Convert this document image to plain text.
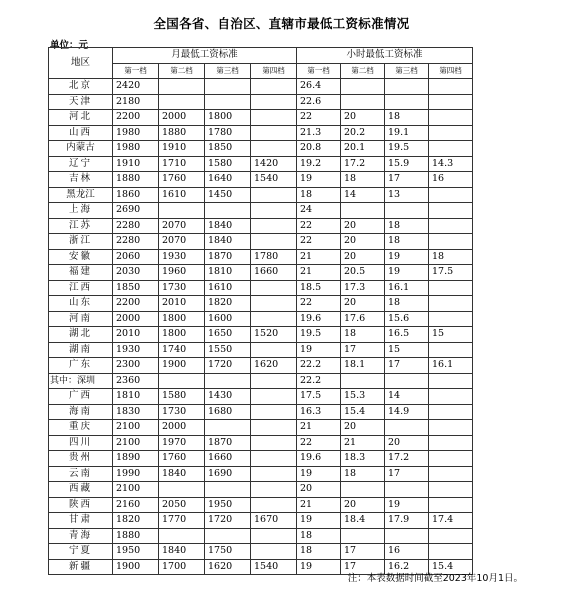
全国各省、自治区、直辖市最低工资标准情况
单位：元
地区	月最低工资标准				小时最低工资标准			
	第一档	第二档	第三档	第四档	第一档	第二档	第三档	第四档
北京	2420				26.4			
天津	2180				22.6			
河北	2200	2000	1800		22	20	18	
山西	1980	1880	1780		21.3	20.2	19.1	
内蒙古	1980	1910	1850		20.8	20.1	19.5	
辽宁	1910	1710	1580	1420	19.2	17.2	15.9	14.3
吉林	1880	1760	1640	1540	19	18	17	16
黑龙江	1860	1610	1450		18	14	13	
上海	2690				24			
江苏	2280	2070	1840		22	20	18	
浙江	2280	2070	1840		22	20	18	
安徽	2060	1930	1870	1780	21	20	19	18
福建	2030	1960	1810	1660	21	20.5	19	17.5
江西	1850	1730	1610		18.5	17.3	16.1	
山东	2200	2010	1820		22	20	18	
河南	2000	1800	1600		19.6	17.6	15.6	
湖北	2010	1800	1650	1520	19.5	18	16.5	15
湖南	1930	1740	1550		19	17	15	
广东	2300	1900	1720	1620	22.2	18.1	17	16.1
其中：深圳	2360				22.2			
广西	1810	1580	1430		17.5	15.3	14	
海南	1830	1730	1680		16.3	15.4	14.9	
重庆	2100	2000			21	20		
四川	2100	1970	1870		22	21	20	
贵州	1890	1760	1660		19.6	18.3	17.2	
云南	1990	1840	1690		19	18	17	
西藏	2100				20			
陕西	2160	2050	1950		21	20	19	
甘肃	1820	1770	1720	1670	19	18.4	17.9	17.4
青海	1880				18			
宁夏	1950	1840	1750		18	17	16	
新疆	1900	1700	1620	1540	19	17	16.2	15.4
注：本表数据时间截至2023年10月1日。
